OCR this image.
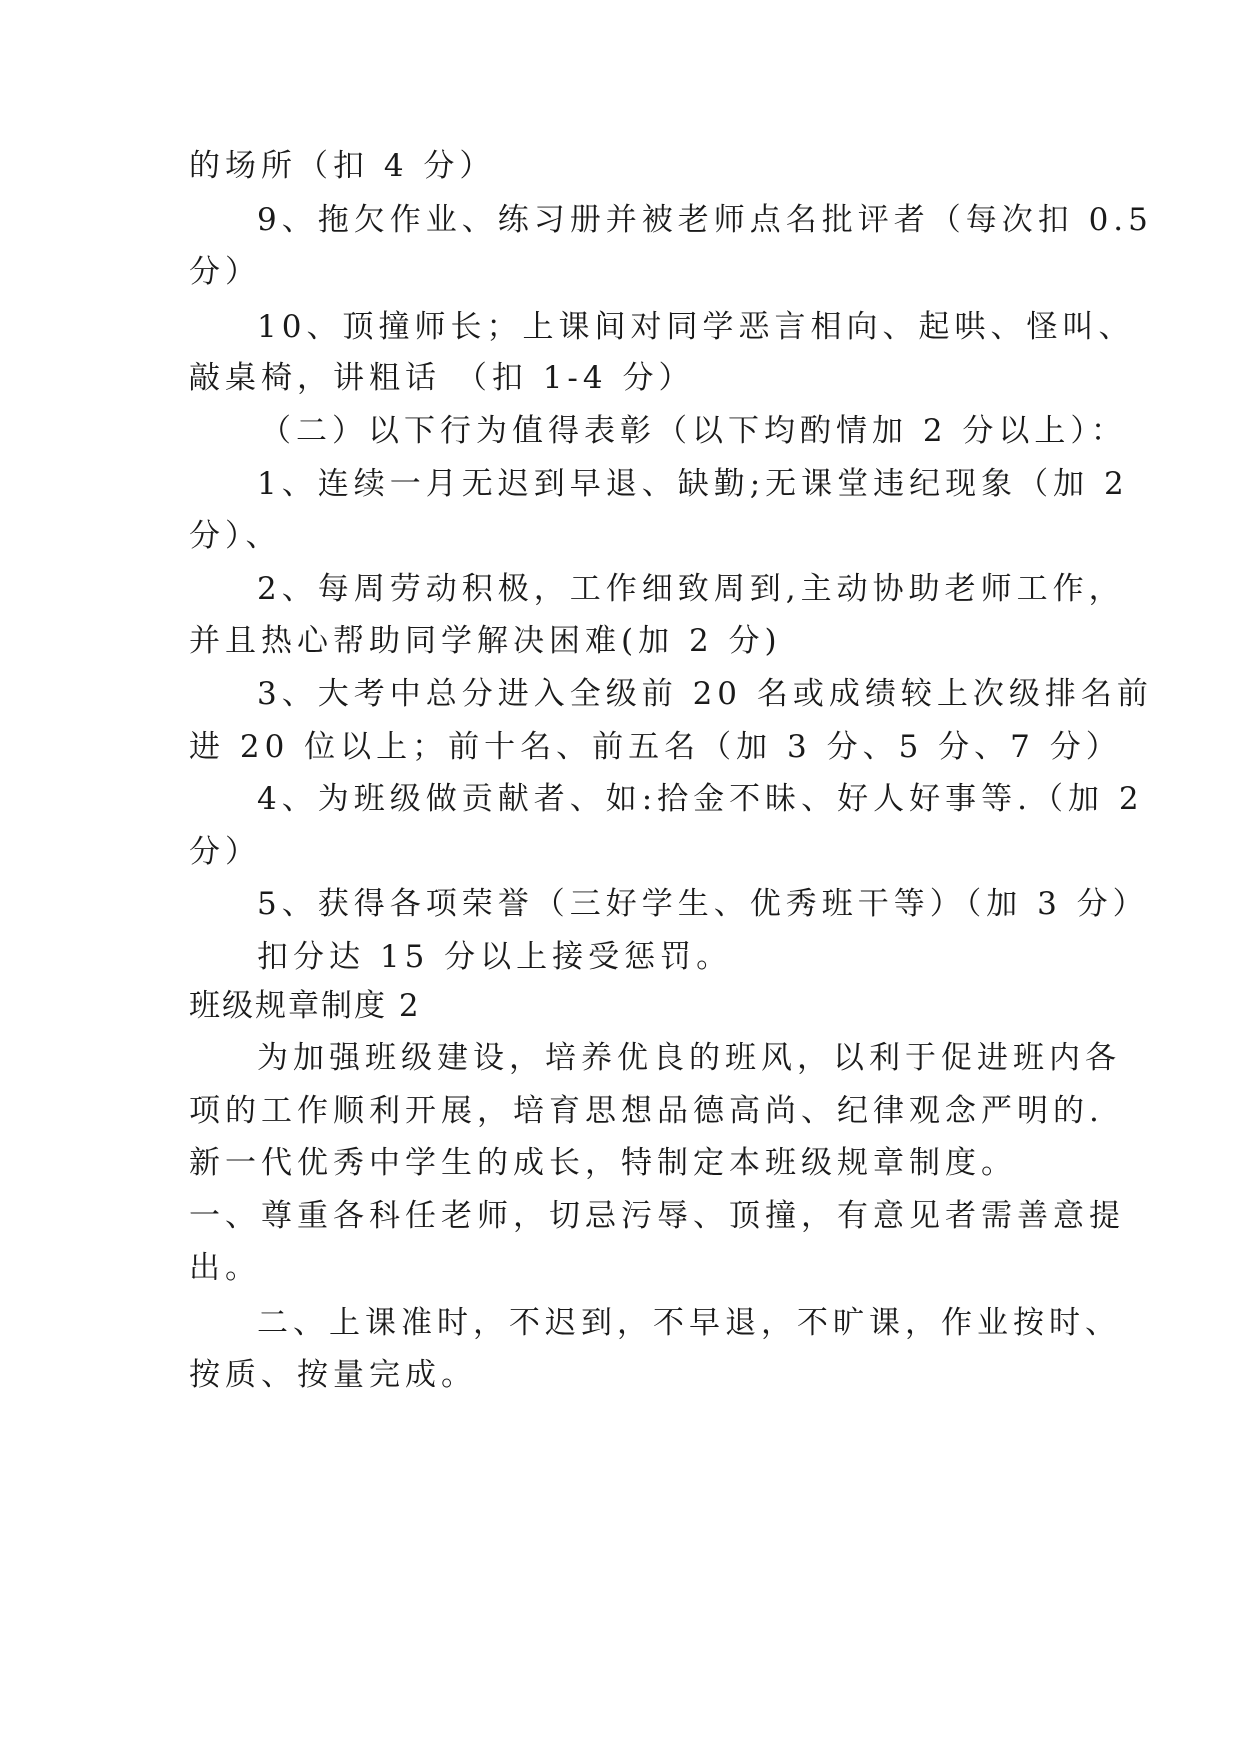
的场所（扣 4 分）
9、拖欠作业、练习册并被老师点名批评者（每次扣 0.5
分）
10、顶撞师长；上课间对同学恶言相向、起哄、怪叫、
敲桌椅，讲粗话 （扣 1-4 分）
（二）以下行为值得表彰（以下均酌情加 2 分以上）：
1、连续一月无迟到早退、缺勤;无课堂违纪现象（加 2
分）、
2、每周劳动积极，工作细致周到,主动协助老师工作，
并且热心帮助同学解决困难(加 2 分)
3、大考中总分进入全级前 20 名或成绩较上次级排名前
进 20 位以上；前十名、前五名（加 3 分、5 分、7 分）
4、为班级做贡献者、如:拾金不昧、好人好事等.（加 2
分）
5、获得各项荣誉（三好学生、优秀班干等）（加 3 分）
扣分达 15 分以上接受惩罚。
班级规章制度 2
为加强班级建设，培养优良的班风，以利于促进班内各
项的工作顺利开展，培育思想品德高尚、纪律观念严明的.
新一代优秀中学生的成长，特制定本班级规章制度。
一、尊重各科任老师，切忌污辱、顶撞，有意见者需善意提
出。
二、上课准时，不迟到，不早退，不旷课，作业按时、
按质、按量完成。
